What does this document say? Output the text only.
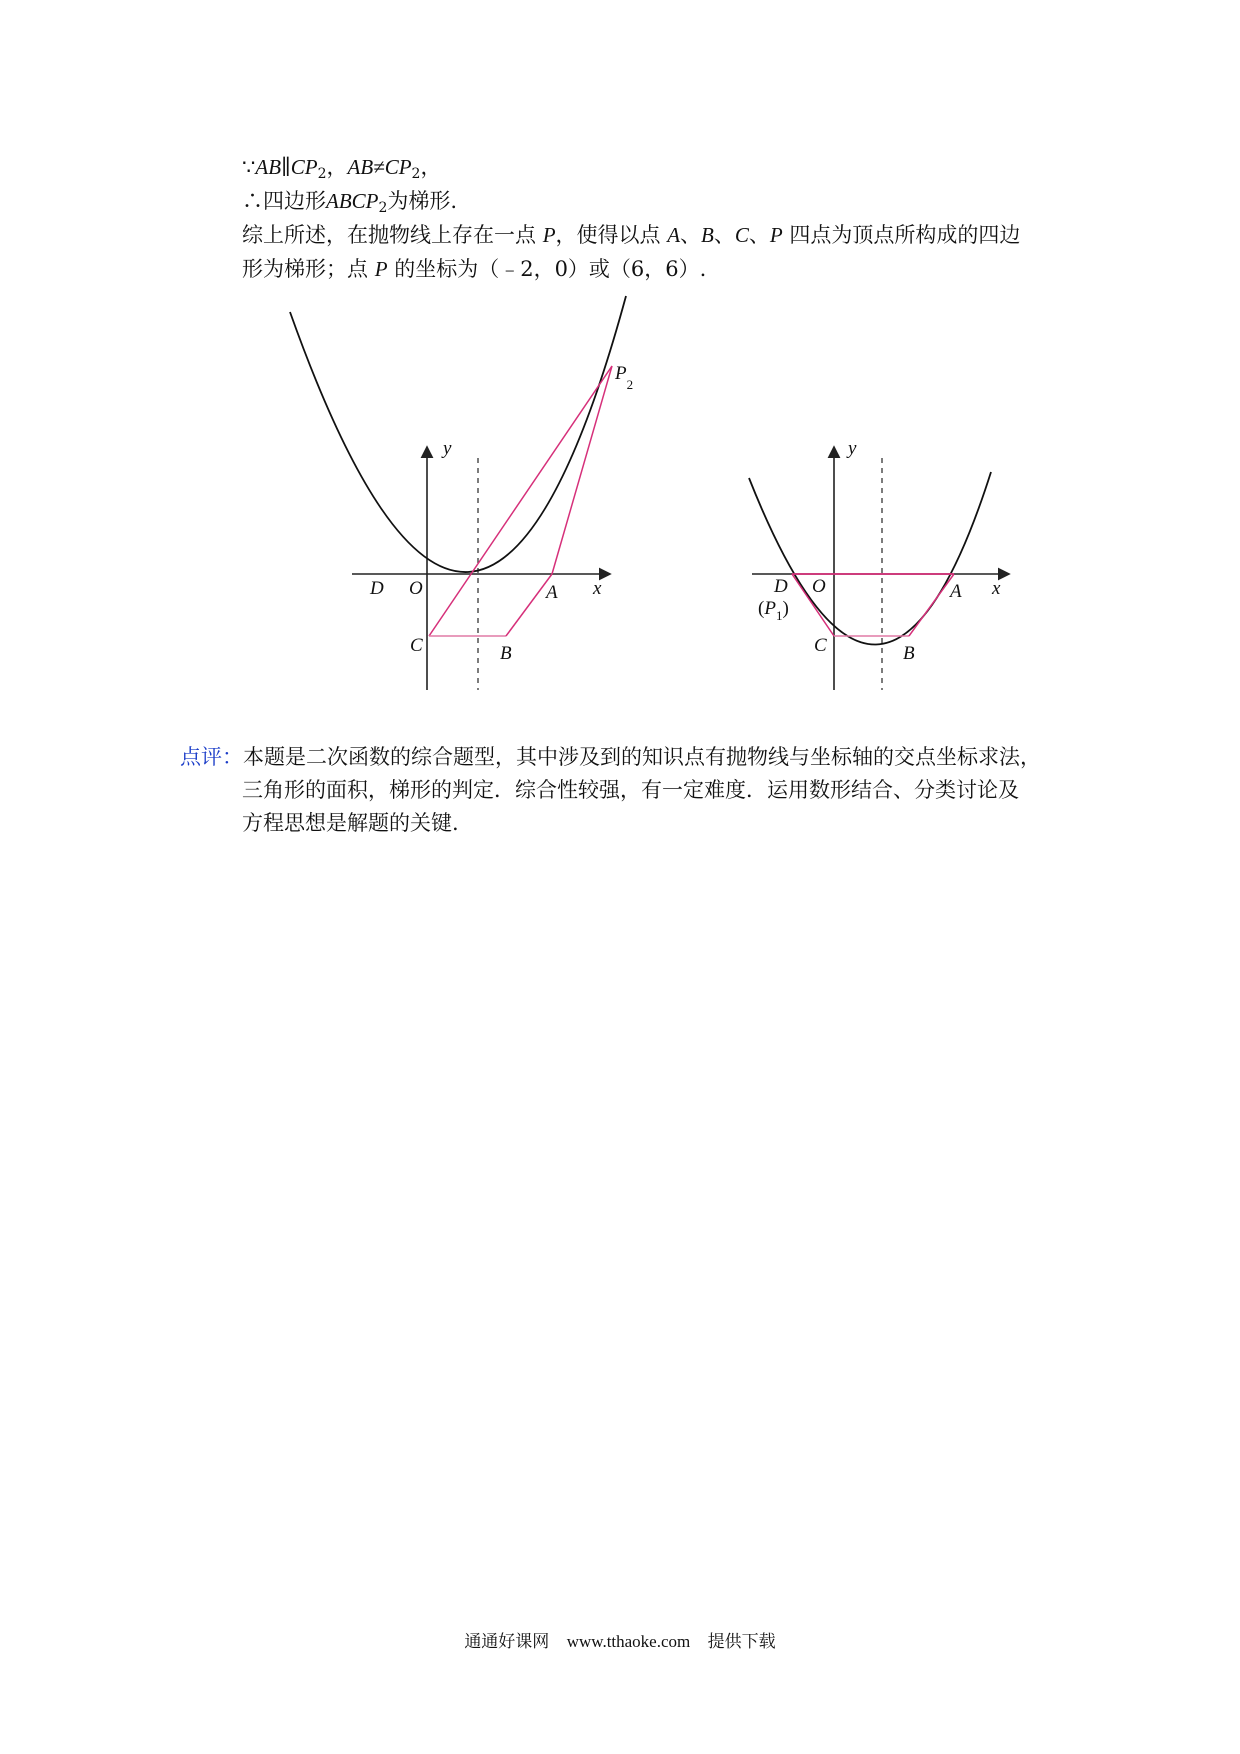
$\because AB\parallel CP_2$，$AB\ne CP_2$，
∴四边形$ABCP_2$为梯形.
综上所述，在抛物线上存在一点 P，使得以点 A、B、C、P 四点为顶点所构成的四边
形为梯形；点 P 的坐标为（﹣2，0）或（6，6）.
y
x
D O	A
C	B
$P_2$
y
x
D O	A
C	B
$(P_1)$
点评：本题是二次函数的综合题型，其中涉及到的知识点有抛物线与坐标轴的交点坐标求法，
三角形的面积，梯形的判定．综合性较强，有一定难度．运用数形结合、分类讨论及
方程思想是解题的关键.
通通好课网 www.tthaoke.com 提供下载
